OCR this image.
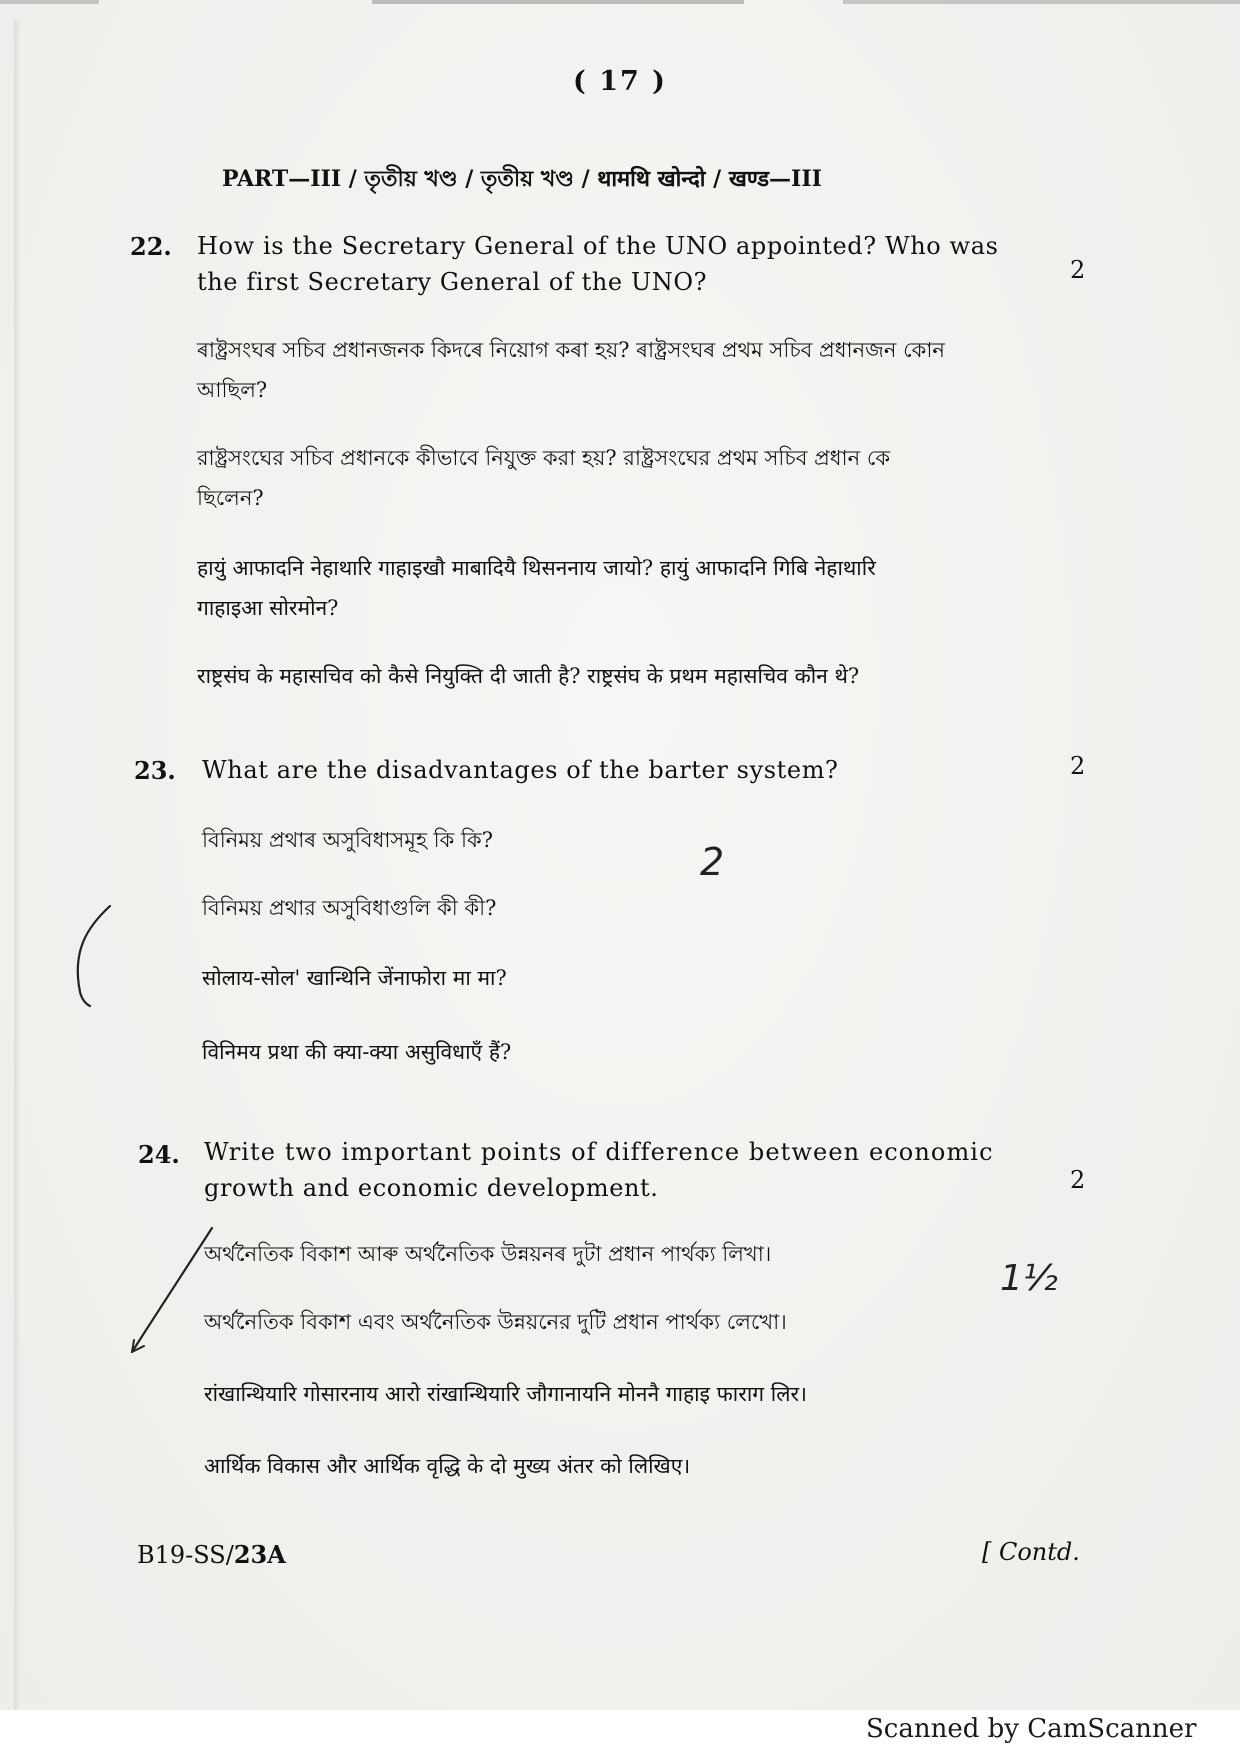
( 17 )
PART—III / তৃতীয় খণ্ড / তৃতীয় খণ্ড / थामथि खोन्दो / खण्ड—III
22. How is the Secretary General of the UNO appointed? Who was
the first Secretary General of the UNO?	2
ৰাষ্ট্ৰসংঘৰ সচিব প্ৰধানজনক কিদৰে নিয়োগ কৰা হয়? ৰাষ্ট্ৰসংঘৰ প্ৰথম সচিব প্ৰধানজন কোন
আছিল?
রাষ্ট্রসংঘের সচিব প্রধানকে কীভাবে নিযুক্ত করা হয়? রাষ্ট্রসংঘের প্রথম সচিব প্রধান কে
ছিলেন?
हायुं आफादनि नेहाथारि गाहाइखौ माबादियै थिसननाय जायो? हायुं आफादनि गिबि नेहाथारि
गाहाइआ सोरमोन?
राष्ट्रसंघ के महासचिव को कैसे नियुक्ति दी जाती है? राष्ट्रसंघ के प्रथम महासचिव कौन थे?
23. What are the disadvantages of the barter system?	2
বিনিময় প্ৰথাৰ অসুবিধাসমূহ কি কি?
বিনিময় প্রথার অসুবিধাগুলি কী কী?
सोलाय-सोल' खान्थिनि जेंनाफोरा मा मा?
विनिमय प्रथा की क्या-क्या असुविधाएँ हैं?
24. Write two important points of difference between economic
growth and economic development.	2
অৰ্থনৈতিক বিকাশ আৰু অৰ্থনৈতিক উন্নয়নৰ দুটা প্ৰধান পাৰ্থক্য লিখা।
অর্থনৈতিক বিকাশ এবং অর্থনৈতিক উন্নয়নের দুটি প্রধান পার্থক্য লেখো।
रांखान्थियारि गोसारनाय आरो रांखान्थियारि जौगानायनि मोननै गाहाइ फाराग लिर।
आर्थिक विकास और आर्थिक वृद्धि के दो मुख्य अंतर को लिखिए।
2
1½
B19-SS/23A	[ Contd.
Scanned by CamScanner
